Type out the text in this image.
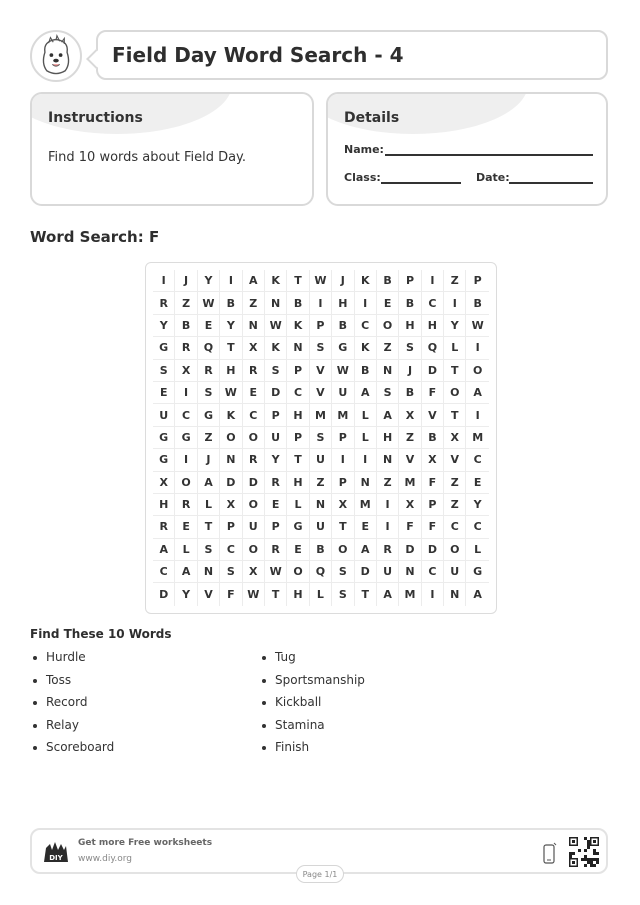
Field Day Word Search - 4
Instructions

Find 10 words about Field Day.

Details
Name:
Class:	Date:
Word Search: F
I	J	Y	I	A	K	T	W	J	K	B	P	I	Z	P
R	Z	W	B	Z	N	B	I	H	I	E	B	C	I	B
Y	B	E	Y	N	W	K	P	B	C	O	H	H	Y	W
G	R	Q	T	X	K	N	S	G	K	Z	S	Q	L	I
S	X	R	H	R	S	P	V	W	B	N	J	D	T	O
E	I	S	W	E	D	C	V	U	A	S	B	F	O	A
U	C	G	K	C	P	H	M	M	L	A	X	V	T	I
G	G	Z	O	O	U	P	S	P	L	H	Z	B	X	M
G	I	J	N	R	Y	T	U	I	I	N	V	X	V	C
X	O	A	D	D	R	H	Z	P	N	Z	M	F	Z	E
H	R	L	X	O	E	L	N	X	M	I	X	P	Z	Y
R	E	T	P	U	P	G	U	T	E	I	F	F	C	C
A	L	S	C	O	R	E	B	O	A	R	D	D	O	L
C	A	N	S	X	W	O	Q	S	D	U	N	C	U	G
D	Y	V	F	W	T	H	L	S	T	A	M	I	N	A
Find These 10 Words
Hurdle
Toss
Record
Relay
Scoreboard
Tug
Sportsmanship
Kickball
Stamina
Finish
DIY
Get more Free worksheets
www.diy.org
Page 1/1
